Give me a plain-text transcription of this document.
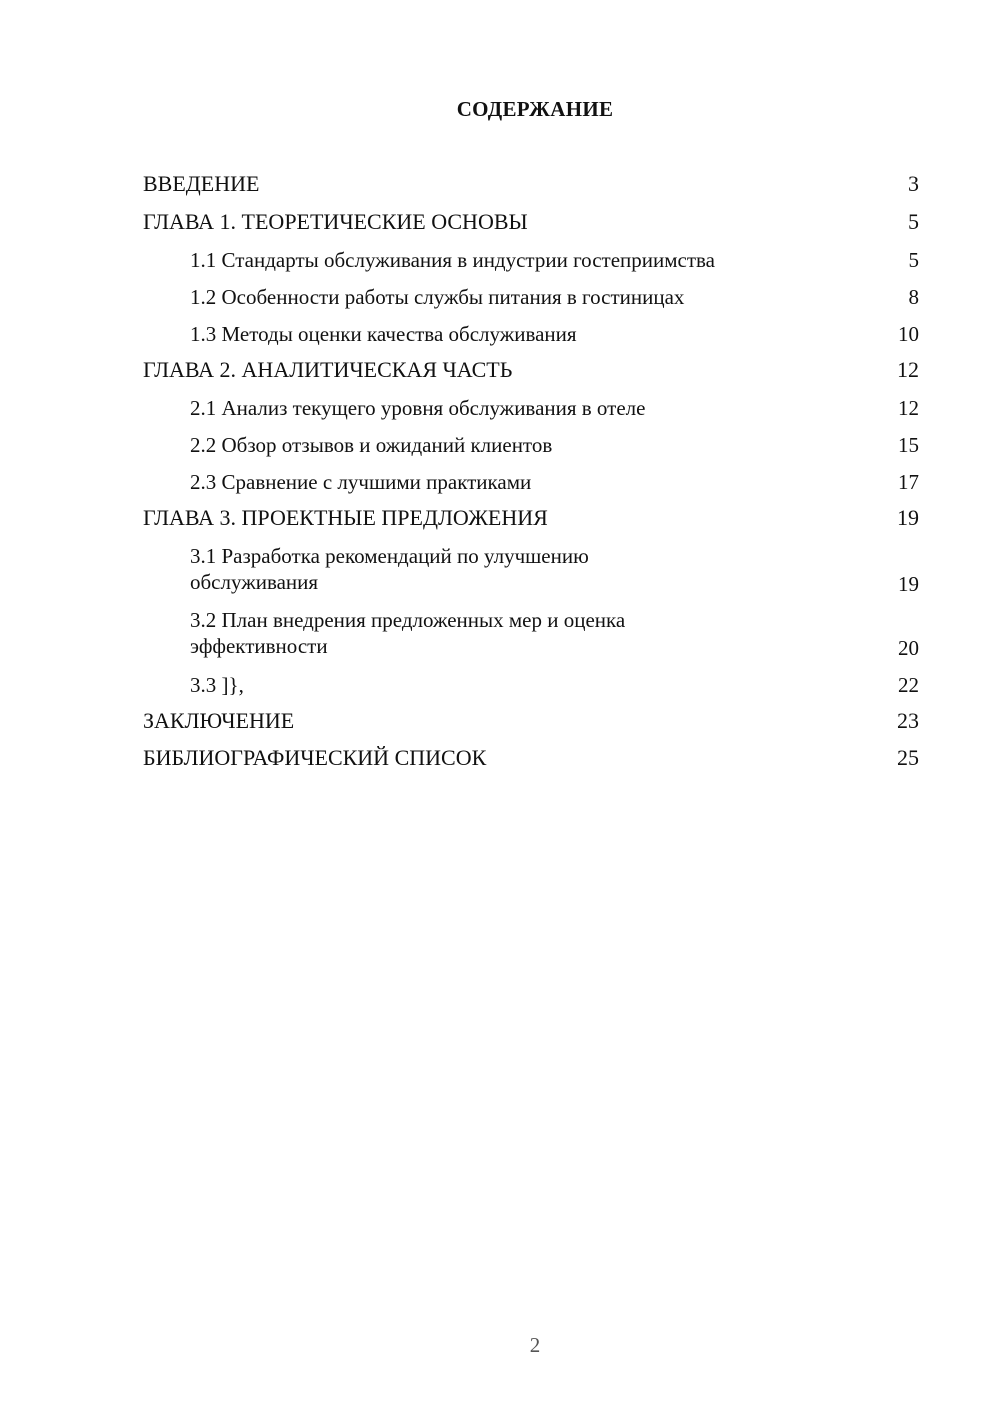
СОДЕРЖАНИЕ
ВВЕДЕНИЕ	3
ГЛАВА 1. ТЕОРЕТИЧЕСКИЕ ОСНОВЫ	5
1.1 Стандарты обслуживания в индустрии гостеприимства	5
1.2 Особенности работы службы питания в гостиницах	8
1.3 Методы оценки качества обслуживания	10
ГЛАВА 2. АНАЛИТИЧЕСКАЯ ЧАСТЬ	12
2.1 Анализ текущего уровня обслуживания в отеле	12
2.2 Обзор отзывов и ожиданий клиентов	15
2.3 Сравнение с лучшими практиками	17
ГЛАВА 3. ПРОЕКТНЫЕ ПРЕДЛОЖЕНИЯ	19
3.1 Разработка рекомендаций по улучшению обслуживания	19
3.2 План внедрения предложенных мер и оценка эффективности	20
3.3 ]},	22
ЗАКЛЮЧЕНИЕ	23
БИБЛИОГРАФИЧЕСКИЙ СПИСОК	25
2
